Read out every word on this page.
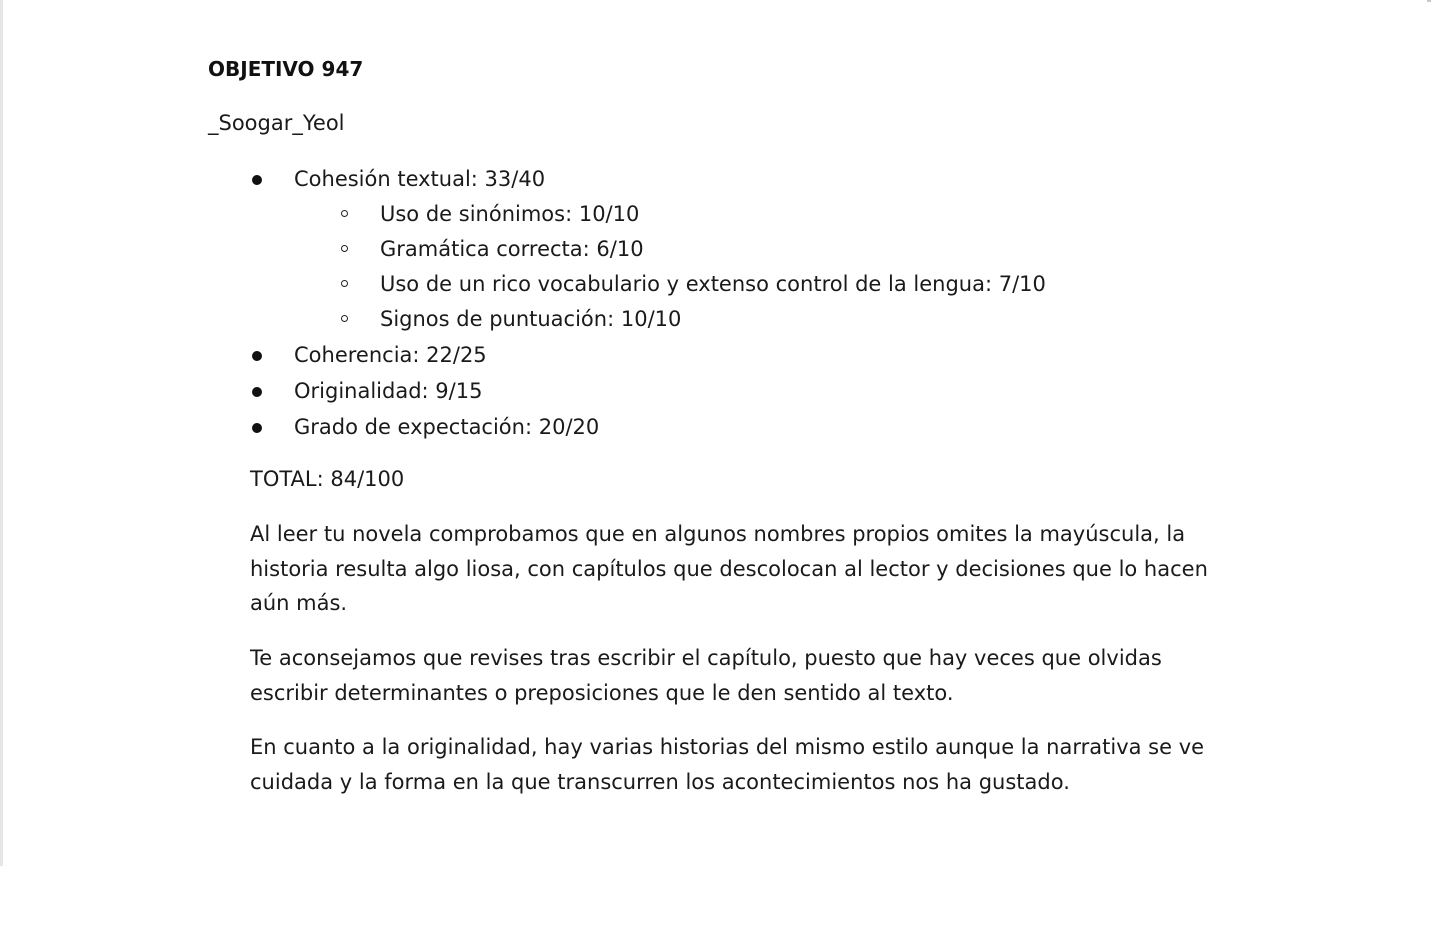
OBJETIVO 947

_Soogar_Yeol

Cohesión textual: 33/40
Uso de sinónimos: 10/10
Gramática correcta: 6/10
Uso de un rico vocabulario y extenso control de la lengua: 7/10
Signos de puntuación: 10/10
Coherencia: 22/25
Originalidad: 9/15
Grado de expectación: 20/20

TOTAL: 84/100

Al leer tu novela comprobamos que en algunos nombres propios omites la mayúscula, la historia resulta algo liosa, con capítulos que descolocan al lector y decisiones que lo hacen aún más.

Te aconsejamos que revises tras escribir el capítulo, puesto que hay veces que olvidas escribir determinantes o preposiciones que le den sentido al texto.

En cuanto a la originalidad, hay varias historias del mismo estilo aunque la narrativa se ve cuidada y la forma en la que transcurren los acontecimientos nos ha gustado.
